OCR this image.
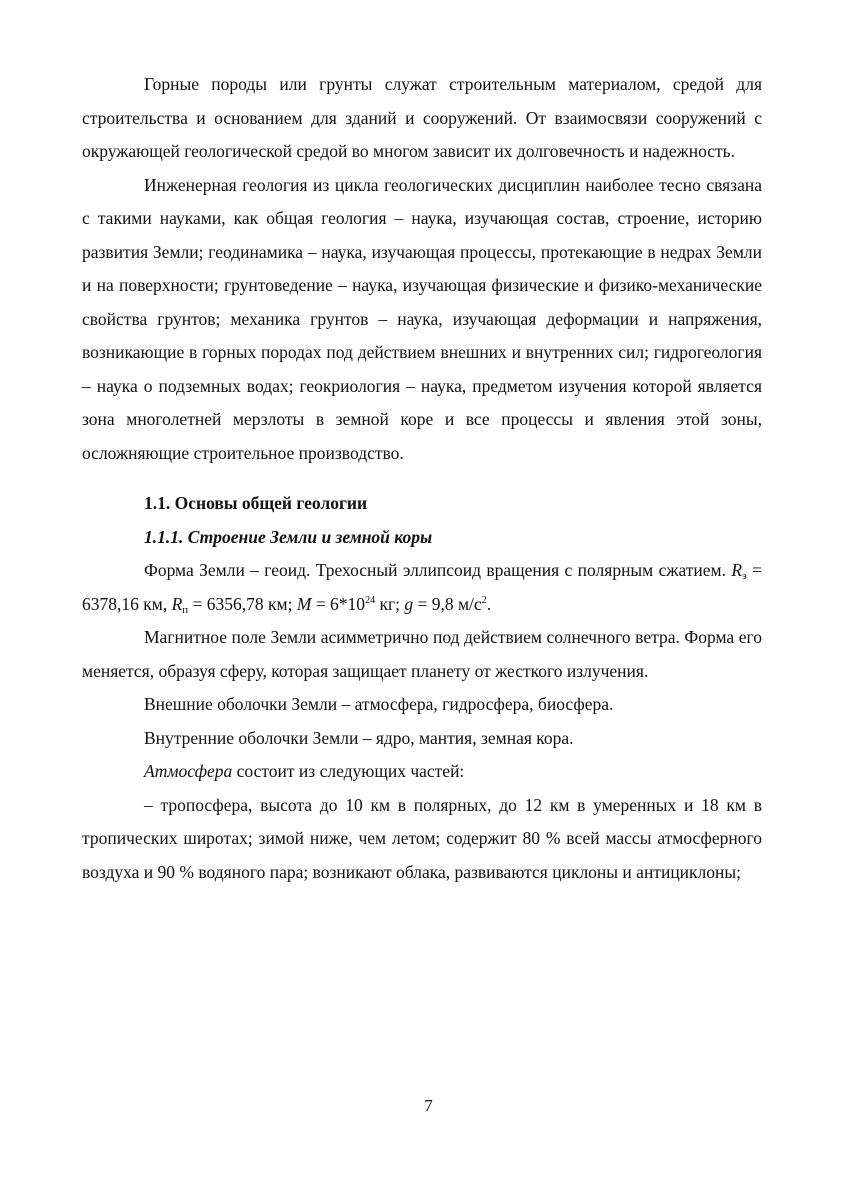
Горные породы или грунты служат строительным материалом, средой для строительства и основанием для зданий и сооружений. От взаимосвязи сооружений с окружающей геологической средой во многом зависит их долговечность и надежность.

Инженерная геология из цикла геологических дисциплин наиболее тесно связана с такими науками, как общая геология – наука, изучающая состав, строение, историю развития Земли; геодинамика – наука, изучающая процессы, протекающие в недрах Земли и на поверхности; грунтоведение – наука, изучающая физические и физико-механические свойства грунтов; механика грунтов – наука, изучающая деформации и напряжения, возникающие в горных породах под действием внешних и внутренних сил; гидрогеология – наука о подземных водах; геокриология – наука, предметом изучения которой является зона многолетней мерзлоты в земной коре и все процессы и явления этой зоны, осложняющие строительное производство.

1.1. Основы общей геологии

1.1.1. Строение Земли и земной коры

Форма Земли – геоид. Трехосный эллипсоид вращения с полярным сжатием. $R_э = 6378,16$ км, $R_п = 6356,78$ км; $M = 6*10^{24}$ кг; g = 9,8 $м/с^2$.

Магнитное поле Земли асимметрично под действием солнечного ветра. Форма его меняется, образуя сферу, которая защищает планету от жесткого излучения.

Внешние оболочки Земли – атмосфера, гидросфера, биосфера.

Внутренние оболочки Земли – ядро, мантия, земная кора.

Атмосфера состоит из следующих частей:

– тропосфера, высота до 10 км в полярных, до 12 км в умеренных и 18 км в тропических широтах; зимой ниже, чем летом; содержит 80 % всей массы атмосферного воздуха и 90 % водяного пара; возникают облака, развиваются циклоны и антициклоны;

7
